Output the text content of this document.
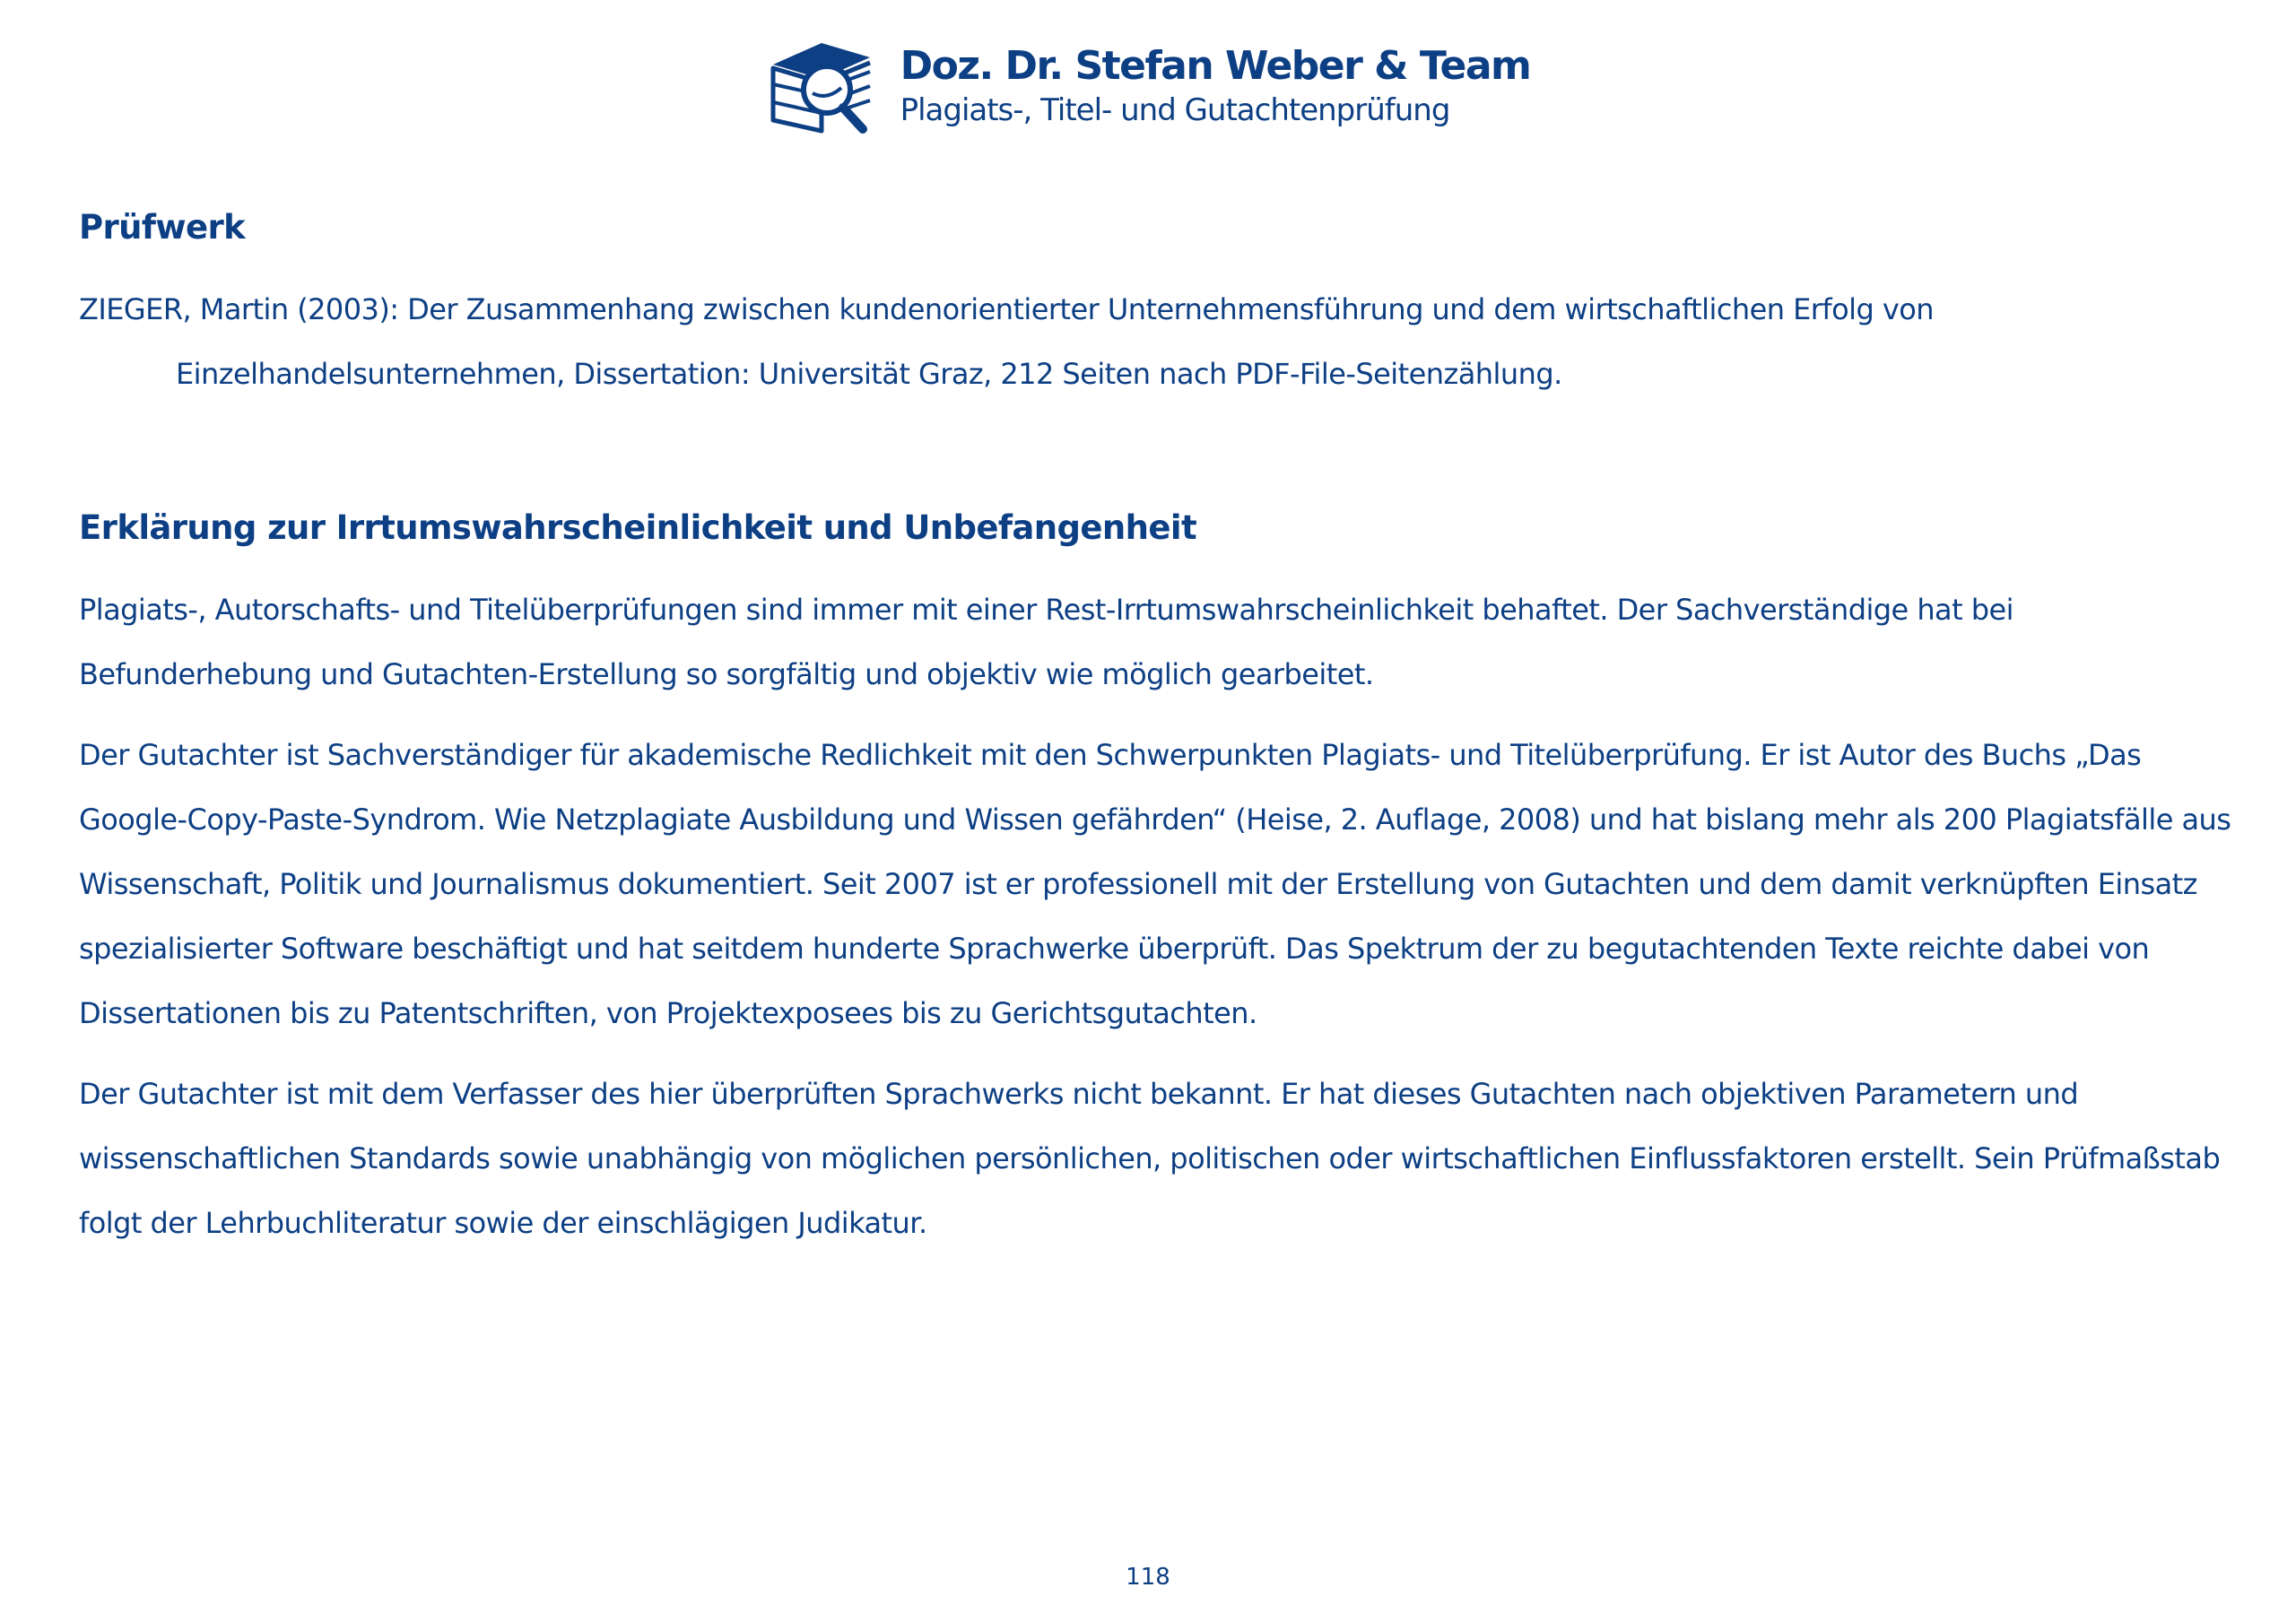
Doz. Dr. Stefan Weber & Team
Plagiats-, Titel- und Gutachtenprüfung
Prüfwerk

ZIEGER, Martin (2003): Der Zusammenhang zwischen kundenorientierter Unternehmensführung und dem wirtschaftlichen Erfolg von Einzelhandelsunternehmen, Dissertation: Universität Graz, 212 Seiten nach PDF-File-Seitenzählung.

Erklärung zur Irrtumswahrscheinlichkeit und Unbefangenheit

Plagiats-, Autorschafts- und Titelüberprüfungen sind immer mit einer Rest-Irrtumswahrscheinlichkeit behaftet. Der Sachverständige hat bei Befunderhebung und Gutachten-Erstellung so sorgfältig und objektiv wie möglich gearbeitet.

Der Gutachter ist Sachverständiger für akademische Redlichkeit mit den Schwerpunkten Plagiats- und Titelüberprüfung. Er ist Autor des Buchs „Das Google-Copy-Paste-Syndrom. Wie Netzplagiate Ausbildung und Wissen gefährden“ (Heise, 2. Auflage, 2008) und hat bislang mehr als 200 Plagiatsfälle aus Wissenschaft, Politik und Journalismus dokumentiert. Seit 2007 ist er professionell mit der Erstellung von Gutachten und dem damit verknüpften Einsatz spezialisierter Software beschäftigt und hat seitdem hunderte Sprachwerke überprüft. Das Spektrum der zu begutachtenden Texte reichte dabei von Dissertationen bis zu Patentschriften, von Projektexposees bis zu Gerichtsgutachten.

Der Gutachter ist mit dem Verfasser des hier überprüften Sprachwerks nicht bekannt. Er hat dieses Gutachten nach objektiven Parametern und wissenschaftlichen Standards sowie unabhängig von möglichen persönlichen, politischen oder wirtschaftlichen Einflussfaktoren erstellt. Sein Prüfmaßstab folgt der Lehrbuchliteratur sowie der einschlägigen Judikatur.

118
